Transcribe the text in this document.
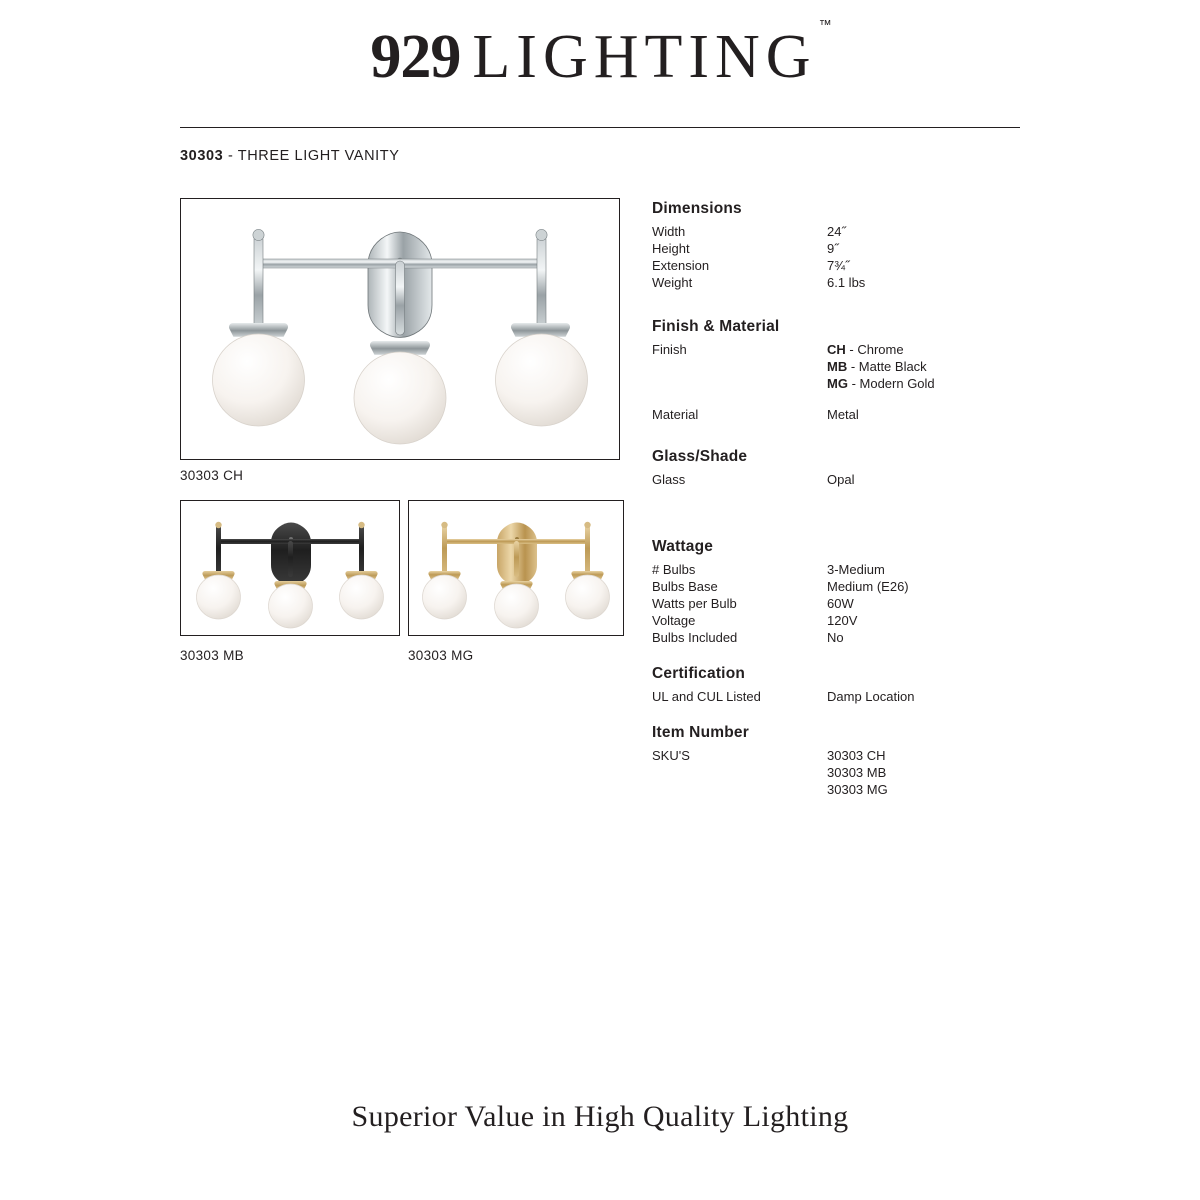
929 LIGHTING ™
30303 - THREE LIGHT VANITY
30303 CH
30303 MB	30303 MG
Dimensions
Width	24˝
Height	9˝
Extension	7¾˝
Weight	6.1 lbs
Finish & Material
Finish	CH - Chrome
MB - Matte Black
MG - Modern Gold
Material	Metal
Glass/Shade
Glass	Opal
Wattage
# Bulbs	3-Medium
Bulbs Base	Medium (E26)
Watts per Bulb	60W
Voltage	120V
Bulbs Included	No
Certification
UL and CUL Listed	Damp Location
Item Number
SKU'S	30303 CH
30303 MB
30303 MG
Superior Value in High Quality Lighting
